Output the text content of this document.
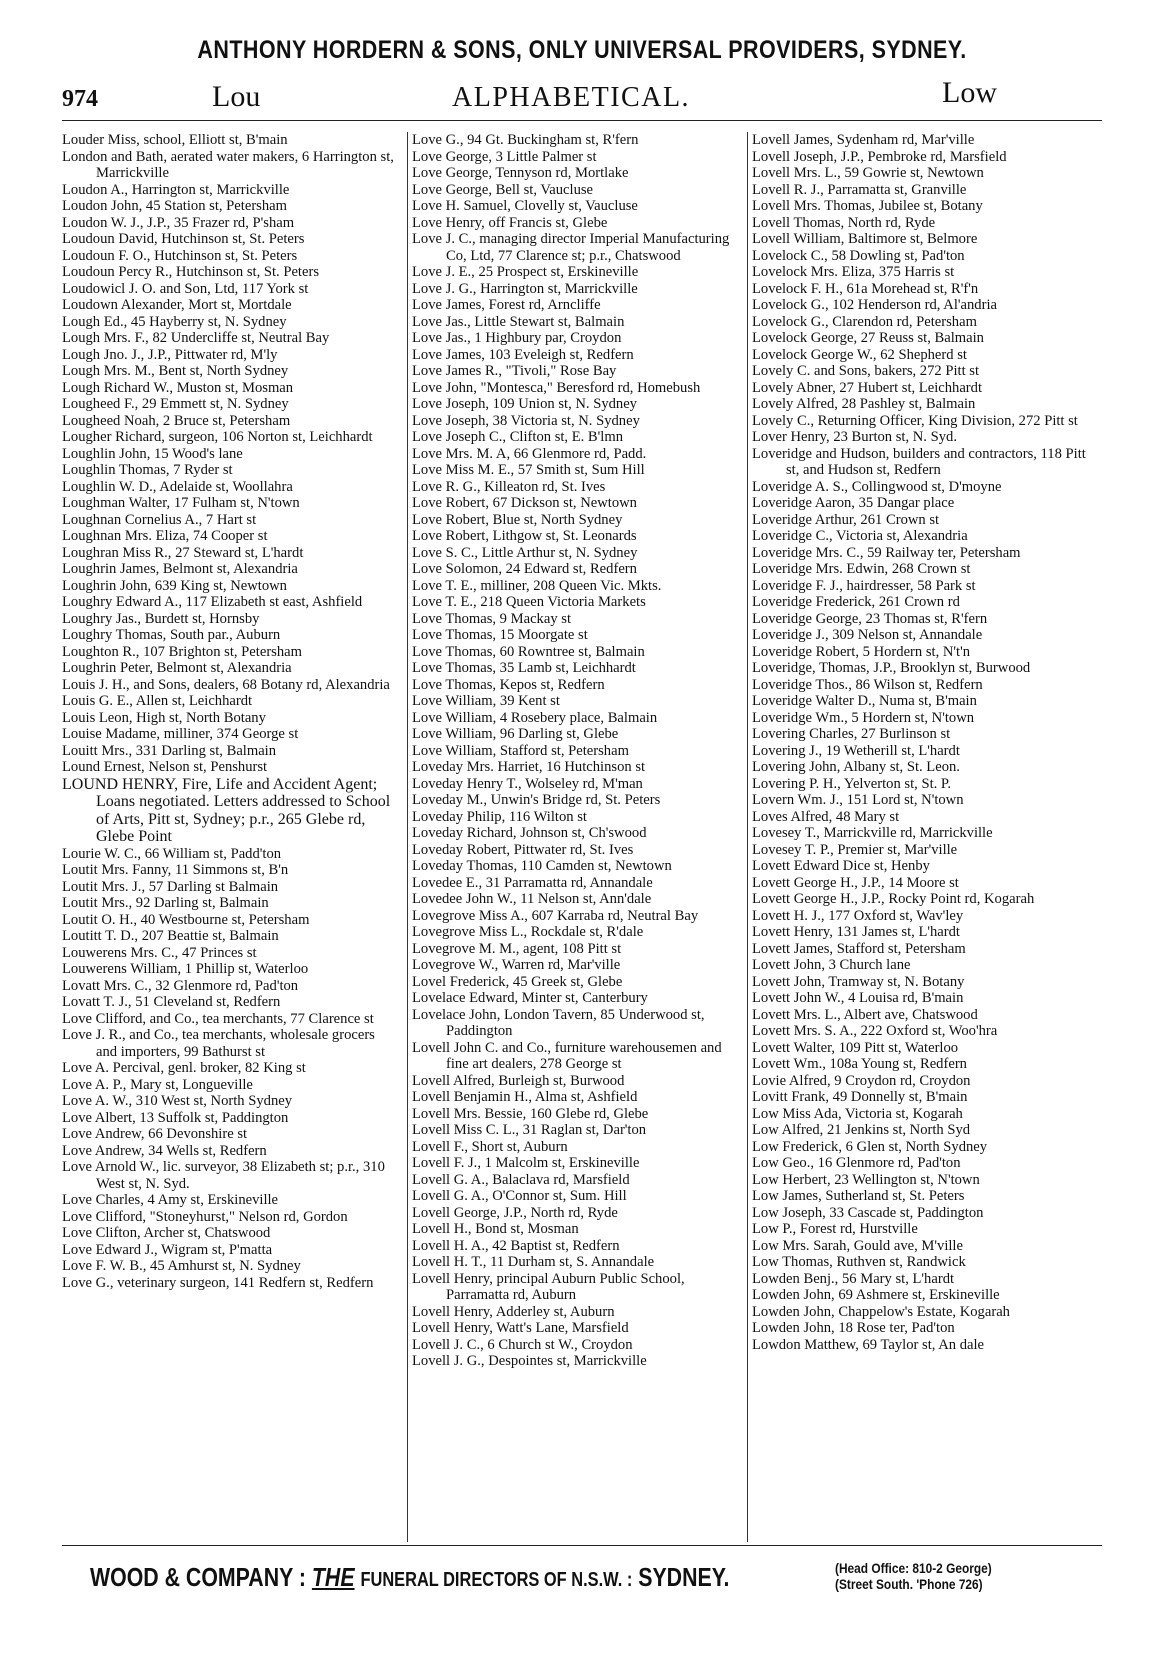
ANTHONY HORDERN & SONS, ONLY UNIVERSAL PROVIDERS, SYDNEY.
974	Lou	ALPHABETICAL.	Low
Louder Miss, school, Elliott st, B'main
London and Bath, aerated water makers, 6 Harrington st, Marrickville
Loudon A., Harrington st, Marrickville
Loudon John, 45 Station st, Petersham
Loudon W. J., J.P., 35 Frazer rd, P'sham
Loudoun David, Hutchinson st, St. Peters
Loudoun F. O., Hutchinson st, St. Peters
Loudoun Percy R., Hutchinson st, St. Peters
Loudowicl J. O. and Son, Ltd, 117 York st
Loudown Alexander, Mort st, Mortdale
Lough Ed., 45 Hayberry st, N. Sydney
Lough Mrs. F., 82 Undercliffe st, Neutral Bay
Lough Jno. J., J.P., Pittwater rd, M'ly
Lough Mrs. M., Bent st, North Sydney
Lough Richard W., Muston st, Mosman
Lougheed F., 29 Emmett st, N. Sydney
Lougheed Noah, 2 Bruce st, Petersham
Lougher Richard, surgeon, 106 Norton st, Leichhardt
Loughlin John, 15 Wood's lane
Loughlin Thomas, 7 Ryder st
Loughlin W. D., Adelaide st, Woollahra
Loughman Walter, 17 Fulham st, N'town
Loughnan Cornelius A., 7 Hart st
Loughnan Mrs. Eliza, 74 Cooper st
Loughran Miss R., 27 Steward st, L'hardt
Loughrin James, Belmont st, Alexandria
Loughrin John, 639 King st, Newtown
Loughry Edward A., 117 Elizabeth st east, Ashfield
Loughry Jas., Burdett st, Hornsby
Loughry Thomas, South par., Auburn
Loughton R., 107 Brighton st, Petersham
Loughrin Peter, Belmont st, Alexandria
Louis J. H., and Sons, dealers, 68 Botany rd, Alexandria
Louis G. E., Allen st, Leichhardt
Louis Leon, High st, North Botany
Louise Madame, milliner, 374 George st
Louitt Mrs., 331 Darling st, Balmain
Lound Ernest, Nelson st, Penshurst
LOUND HENRY, Fire, Life and Accident Agent; Loans negotiated. Letters addressed to School of Arts, Pitt st, Sydney; p.r., 265 Glebe rd, Glebe Point
Lourie W. C., 66 William st, Padd'ton
Loutit Mrs. Fanny, 11 Simmons st, B'n
Loutit Mrs. J., 57 Darling st Balmain
Loutit Mrs., 92 Darling st, Balmain
Loutit O. H., 40 Westbourne st, Petersham
Loutitt T. D., 207 Beattie st, Balmain
Louwerens Mrs. C., 47 Princes st
Louwerens William, 1 Phillip st, Waterloo
Lovatt Mrs. C., 32 Glenmore rd, Pad'ton
Lovatt T. J., 51 Cleveland st, Redfern
Love Clifford, and Co., tea merchants, 77 Clarence st
Love J. R., and Co., tea merchants, wholesale grocers and importers, 99 Bathurst st
Love A. Percival, genl. broker, 82 King st
Love A. P., Mary st, Longueville
Love A. W., 310 West st, North Sydney
Love Albert, 13 Suffolk st, Paddington
Love Andrew, 66 Devonshire st
Love Andrew, 34 Wells st, Redfern
Love Arnold W., lic. surveyor, 38 Elizabeth st; p.r., 310 West st, N. Syd.
Love Charles, 4 Amy st, Erskineville
Love Clifford, "Stoneyhurst," Nelson rd, Gordon
Love Clifton, Archer st, Chatswood
Love Edward J., Wigram st, P'matta
Love F. W. B., 45 Amhurst st, N. Sydney
Love G., veterinary surgeon, 141 Redfern st, Redfern
Love G., 94 Gt. Buckingham st, R'fern
Love George, 3 Little Palmer st
Love George, Tennyson rd, Mortlake
Love George, Bell st, Vaucluse
Love H. Samuel, Clovelly st, Vaucluse
Love Henry, off Francis st, Glebe
Love J. C., managing director Imperial Manufacturing Co, Ltd, 77 Clarence st; p.r., Chatswood
Love J. E., 25 Prospect st, Erskineville
Love J. G., Harrington st, Marrickville
Love James, Forest rd, Arncliffe
Love Jas., Little Stewart st, Balmain
Love Jas., 1 Highbury par, Croydon
Love James, 103 Eveleigh st, Redfern
Love James R., "Tivoli," Rose Bay
Love John, "Montesca," Beresford rd, Homebush
Love Joseph, 109 Union st, N. Sydney
Love Joseph, 38 Victoria st, N. Sydney
Love Joseph C., Clifton st, E. B'lmn
Love Mrs. M. A, 66 Glenmore rd, Padd.
Love Miss M. E., 57 Smith st, Sum Hill
Love R. G., Killeaton rd, St. Ives
Love Robert, 67 Dickson st, Newtown
Love Robert, Blue st, North Sydney
Love Robert, Lithgow st, St. Leonards
Love S. C., Little Arthur st, N. Sydney
Love Solomon, 24 Edward st, Redfern
Love T. E., milliner, 208 Queen Vic. Mkts.
Love T. E., 218 Queen Victoria Markets
Love Thomas, 9 Mackay st
Love Thomas, 15 Moorgate st
Love Thomas, 60 Rowntree st, Balmain
Love Thomas, 35 Lamb st, Leichhardt
Love Thomas, Kepos st, Redfern
Love William, 39 Kent st
Love William, 4 Rosebery place, Balmain
Love William, 96 Darling st, Glebe
Love William, Stafford st, Petersham
Loveday Mrs. Harriet, 16 Hutchinson st
Loveday Henry T., Wolseley rd, M'man
Loveday M., Unwin's Bridge rd, St. Peters
Loveday Philip, 116 Wilton st
Loveday Richard, Johnson st, Ch'swood
Loveday Robert, Pittwater rd, St. Ives
Loveday Thomas, 110 Camden st, Newtown
Lovedee E., 31 Parramatta rd, Annandale
Lovedee John W., 11 Nelson st, Ann'dale
Lovegrove Miss A., 607 Karraba rd, Neutral Bay
Lovegrove Miss L., Rockdale st, R'dale
Lovegrove M. M., agent, 108 Pitt st
Lovegrove W., Warren rd, Mar'ville
Lovel Frederick, 45 Greek st, Glebe
Lovelace Edward, Minter st, Canterbury
Lovelace John, London Tavern, 85 Underwood st, Paddington
Lovell John C. and Co., furniture warehousemen and fine art dealers, 278 George st
Lovell Alfred, Burleigh st, Burwood
Lovell Benjamin H., Alma st, Ashfield
Lovell Mrs. Bessie, 160 Glebe rd, Glebe
Lovell Miss C. L., 31 Raglan st, Dar'ton
Lovell F., Short st, Auburn
Lovell F. J., 1 Malcolm st, Erskineville
Lovell G. A., Balaclava rd, Marsfield
Lovell G. A., O'Connor st, Sum. Hill
Lovell George, J.P., North rd, Ryde
Lovell H., Bond st, Mosman
Lovell H. A., 42 Baptist st, Redfern
Lovell H. T., 11 Durham st, S. Annandale
Lovell Henry, principal Auburn Public School, Parramatta rd, Auburn
Lovell Henry, Adderley st, Auburn
Lovell Henry, Watt's Lane, Marsfield
Lovell J. C., 6 Church st W., Croydon
Lovell J. G., Despointes st, Marrickville
Lovell James, Sydenham rd, Mar'ville
Lovell Joseph, J.P., Pembroke rd, Marsfield
Lovell Mrs. L., 59 Gowrie st, Newtown
Lovell R. J., Parramatta st, Granville
Lovell Mrs. Thomas, Jubilee st, Botany
Lovell Thomas, North rd, Ryde
Lovell William, Baltimore st, Belmore
Lovelock C., 58 Dowling st, Pad'ton
Lovelock Mrs. Eliza, 375 Harris st
Lovelock F. H., 61a Morehead st, R'f'n
Lovelock G., 102 Henderson rd, Al'andria
Lovelock G., Clarendon rd, Petersham
Lovelock George, 27 Reuss st, Balmain
Lovelock George W., 62 Shepherd st
Lovely C. and Sons, bakers, 272 Pitt st
Lovely Abner, 27 Hubert st, Leichhardt
Lovely Alfred, 28 Pashley st, Balmain
Lovely C., Returning Officer, King Division, 272 Pitt st
Lover Henry, 23 Burton st, N. Syd.
Loveridge and Hudson, builders and contractors, 118 Pitt st, and Hudson st, Redfern
Loveridge A. S., Collingwood st, D'moyne
Loveridge Aaron, 35 Dangar place
Loveridge Arthur, 261 Crown st
Loveridge C., Victoria st, Alexandria
Loveridge Mrs. C., 59 Railway ter, Petersham
Loveridge Mrs. Edwin, 268 Crown st
Loveridge F. J., hairdresser, 58 Park st
Loveridge Frederick, 261 Crown rd
Loveridge George, 23 Thomas st, R'fern
Loveridge J., 309 Nelson st, Annandale
Loveridge Robert, 5 Hordern st, N't'n
Loveridge, Thomas, J.P., Brooklyn st, Burwood
Loveridge Thos., 86 Wilson st, Redfern
Loveridge Walter D., Numa st, B'main
Loveridge Wm., 5 Hordern st, N'town
Lovering Charles, 27 Burlinson st
Lovering J., 19 Wetherill st, L'hardt
Lovering John, Albany st, St. Leon.
Lovering P. H., Yelverton st, St. P.
Lovern Wm. J., 151 Lord st, N'town
Loves Alfred, 48 Mary st
Lovesey T., Marrickville rd, Marrickville
Lovesey T. P., Premier st, Mar'ville
Lovett Edward Dice st, Henby
Lovett George H., J.P., 14 Moore st
Lovett George H., J.P., Rocky Point rd, Kogarah
Lovett H. J., 177 Oxford st, Wav'ley
Lovett Henry, 131 James st, L'hardt
Lovett James, Stafford st, Petersham
Lovett John, 3 Church lane
Lovett John, Tramway st, N. Botany
Lovett John W., 4 Louisa rd, B'main
Lovett Mrs. L., Albert ave, Chatswood
Lovett Mrs. S. A., 222 Oxford st, Woo'hra
Lovett Walter, 109 Pitt st, Waterloo
Lovett Wm., 108a Young st, Redfern
Lovie Alfred, 9 Croydon rd, Croydon
Lovitt Frank, 49 Donnelly st, B'main
Low Miss Ada, Victoria st, Kogarah
Low Alfred, 21 Jenkins st, North Syd
Low Frederick, 6 Glen st, North Sydney
Low Geo., 16 Glenmore rd, Pad'ton
Low Herbert, 23 Wellington st, N'town
Low James, Sutherland st, St. Peters
Low Joseph, 33 Cascade st, Paddington
Low P., Forest rd, Hurstville
Low Mrs. Sarah, Gould ave, M'ville
Low Thomas, Ruthven st, Randwick
Lowden Benj., 56 Mary st, L'hardt
Lowden John, 69 Ashmere st, Erskineville
Lowden John, Chappelow's Estate, Kogarah
Lowden John, 18 Rose ter, Pad'ton
Lowdon Matthew, 69 Taylor st, An dale
WOOD & COMPANY : THE FUNERAL DIRECTORS OF N.S.W. : SYDNEY.	(Head Office: 810-2 George)
(Street South. 'Phone 726)
